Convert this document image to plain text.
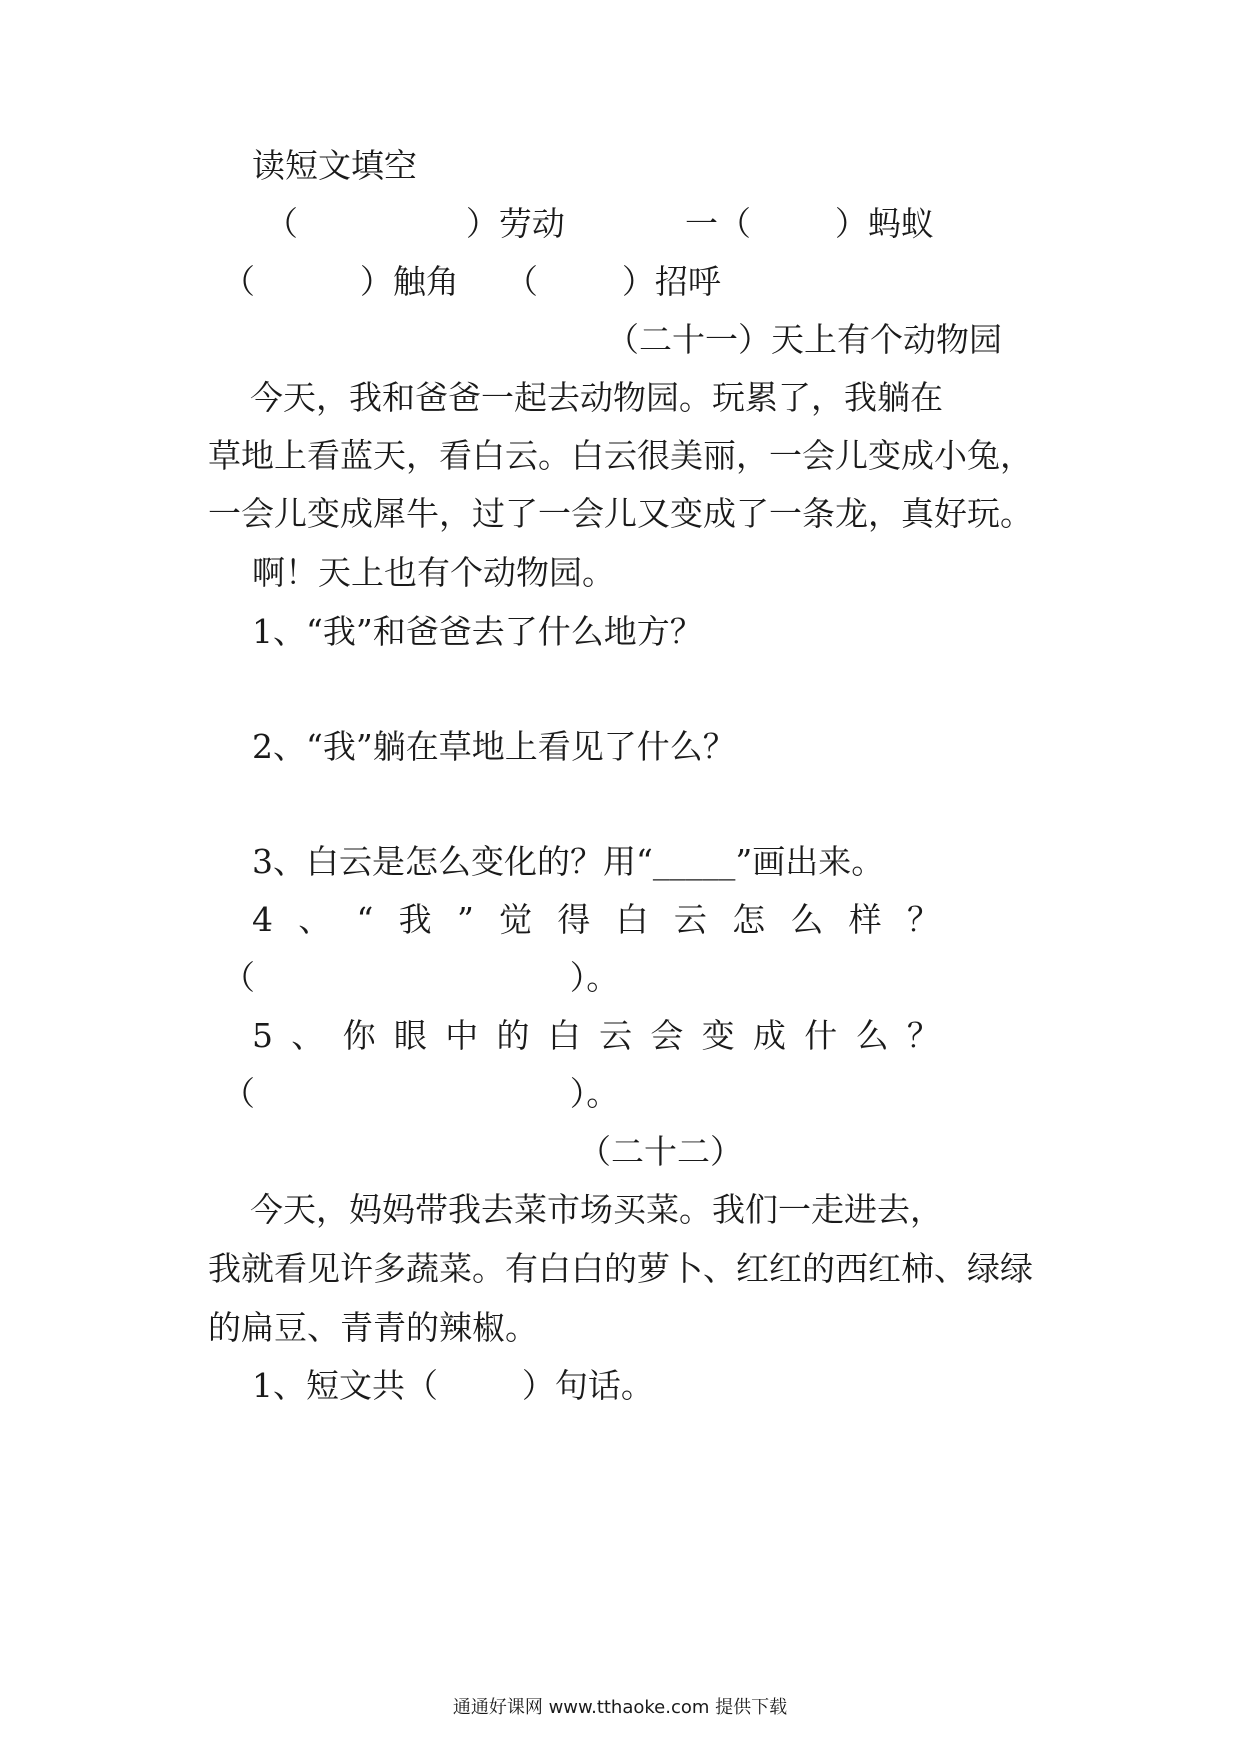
读短文填空
（                ）劳动	一（        ）蚂蚁
（          ）触角 （        ）招呼
（二十一）天上有个动物园
今天，我和爸爸一起去动物园。玩累了，我躺在
草地上看蓝天，看白云。白云很美丽，一会儿变成小兔，
一会儿变成犀牛，过了一会儿又变成了一条龙，真好玩。
啊！天上也有个动物园。
1、“我”和爸爸去了什么地方？
2、“我”躺在草地上看见了什么？
3、白云是怎么变化的？用“_____”画出来。
4 、 “ 我 ” 觉 得 白 云 怎 么 样 ？
（                              ）。
5 、 你 眼 中 的 白 云 会 变 成 什 么 ？
（                              ）。
（二十二）
今天，妈妈带我去菜市场买菜。我们一走进去，
我就看见许多蔬菜。有白白的萝卜、红红的西红柿、绿绿
的扁豆、青青的辣椒。
1、短文共（        ）句话。
通通好课网 www.tthaoke.com 提供下载
